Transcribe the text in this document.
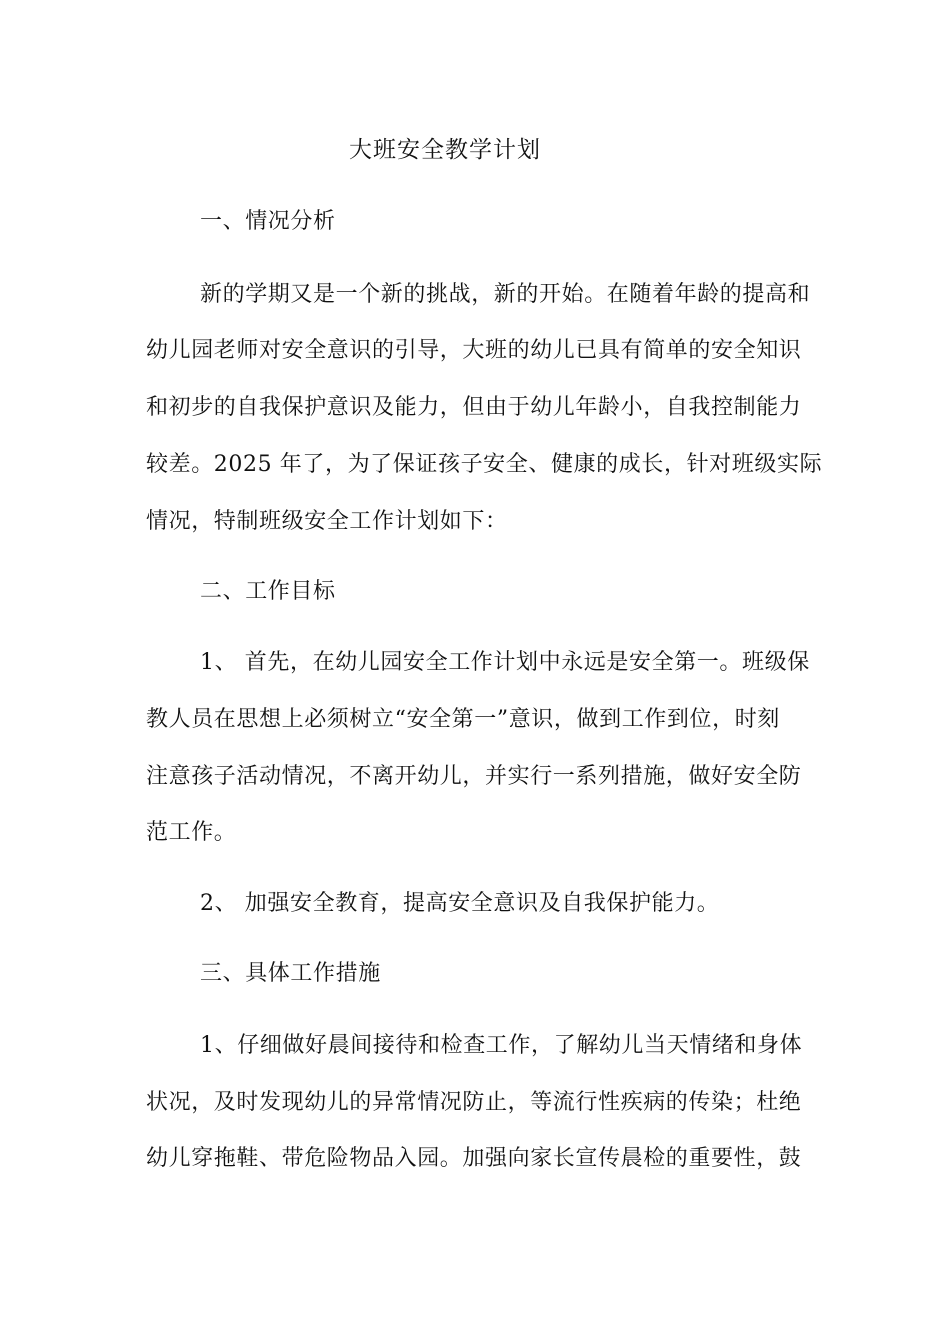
大班安全教学计划
一、情况分析
新的学期又是一个新的挑战，新的开始。在随着年龄的提高和
幼儿园老师对安全意识的引导，大班的幼儿已具有简单的安全知识
和初步的自我保护意识及能力，但由于幼儿年龄小，自我控制能力
较差。2025 年了，为了保证孩子安全、健康的成长，针对班级实际
情况，特制班级安全工作计划如下：
二、工作目标
1、 首先，在幼儿园安全工作计划中永远是安全第一。班级保
教人员在思想上必须树立“安全第一”意识，做到工作到位，时刻
注意孩子活动情况，不离开幼儿，并实行一系列措施，做好安全防
范工作。
2、 加强安全教育，提高安全意识及自我保护能力。
三、具体工作措施
1、仔细做好晨间接待和检查工作，了解幼儿当天情绪和身体
状况，及时发现幼儿的异常情况防止，等流行性疾病的传染；杜绝
幼儿穿拖鞋、带危险物品入园。加强向家长宣传晨检的重要性，鼓
